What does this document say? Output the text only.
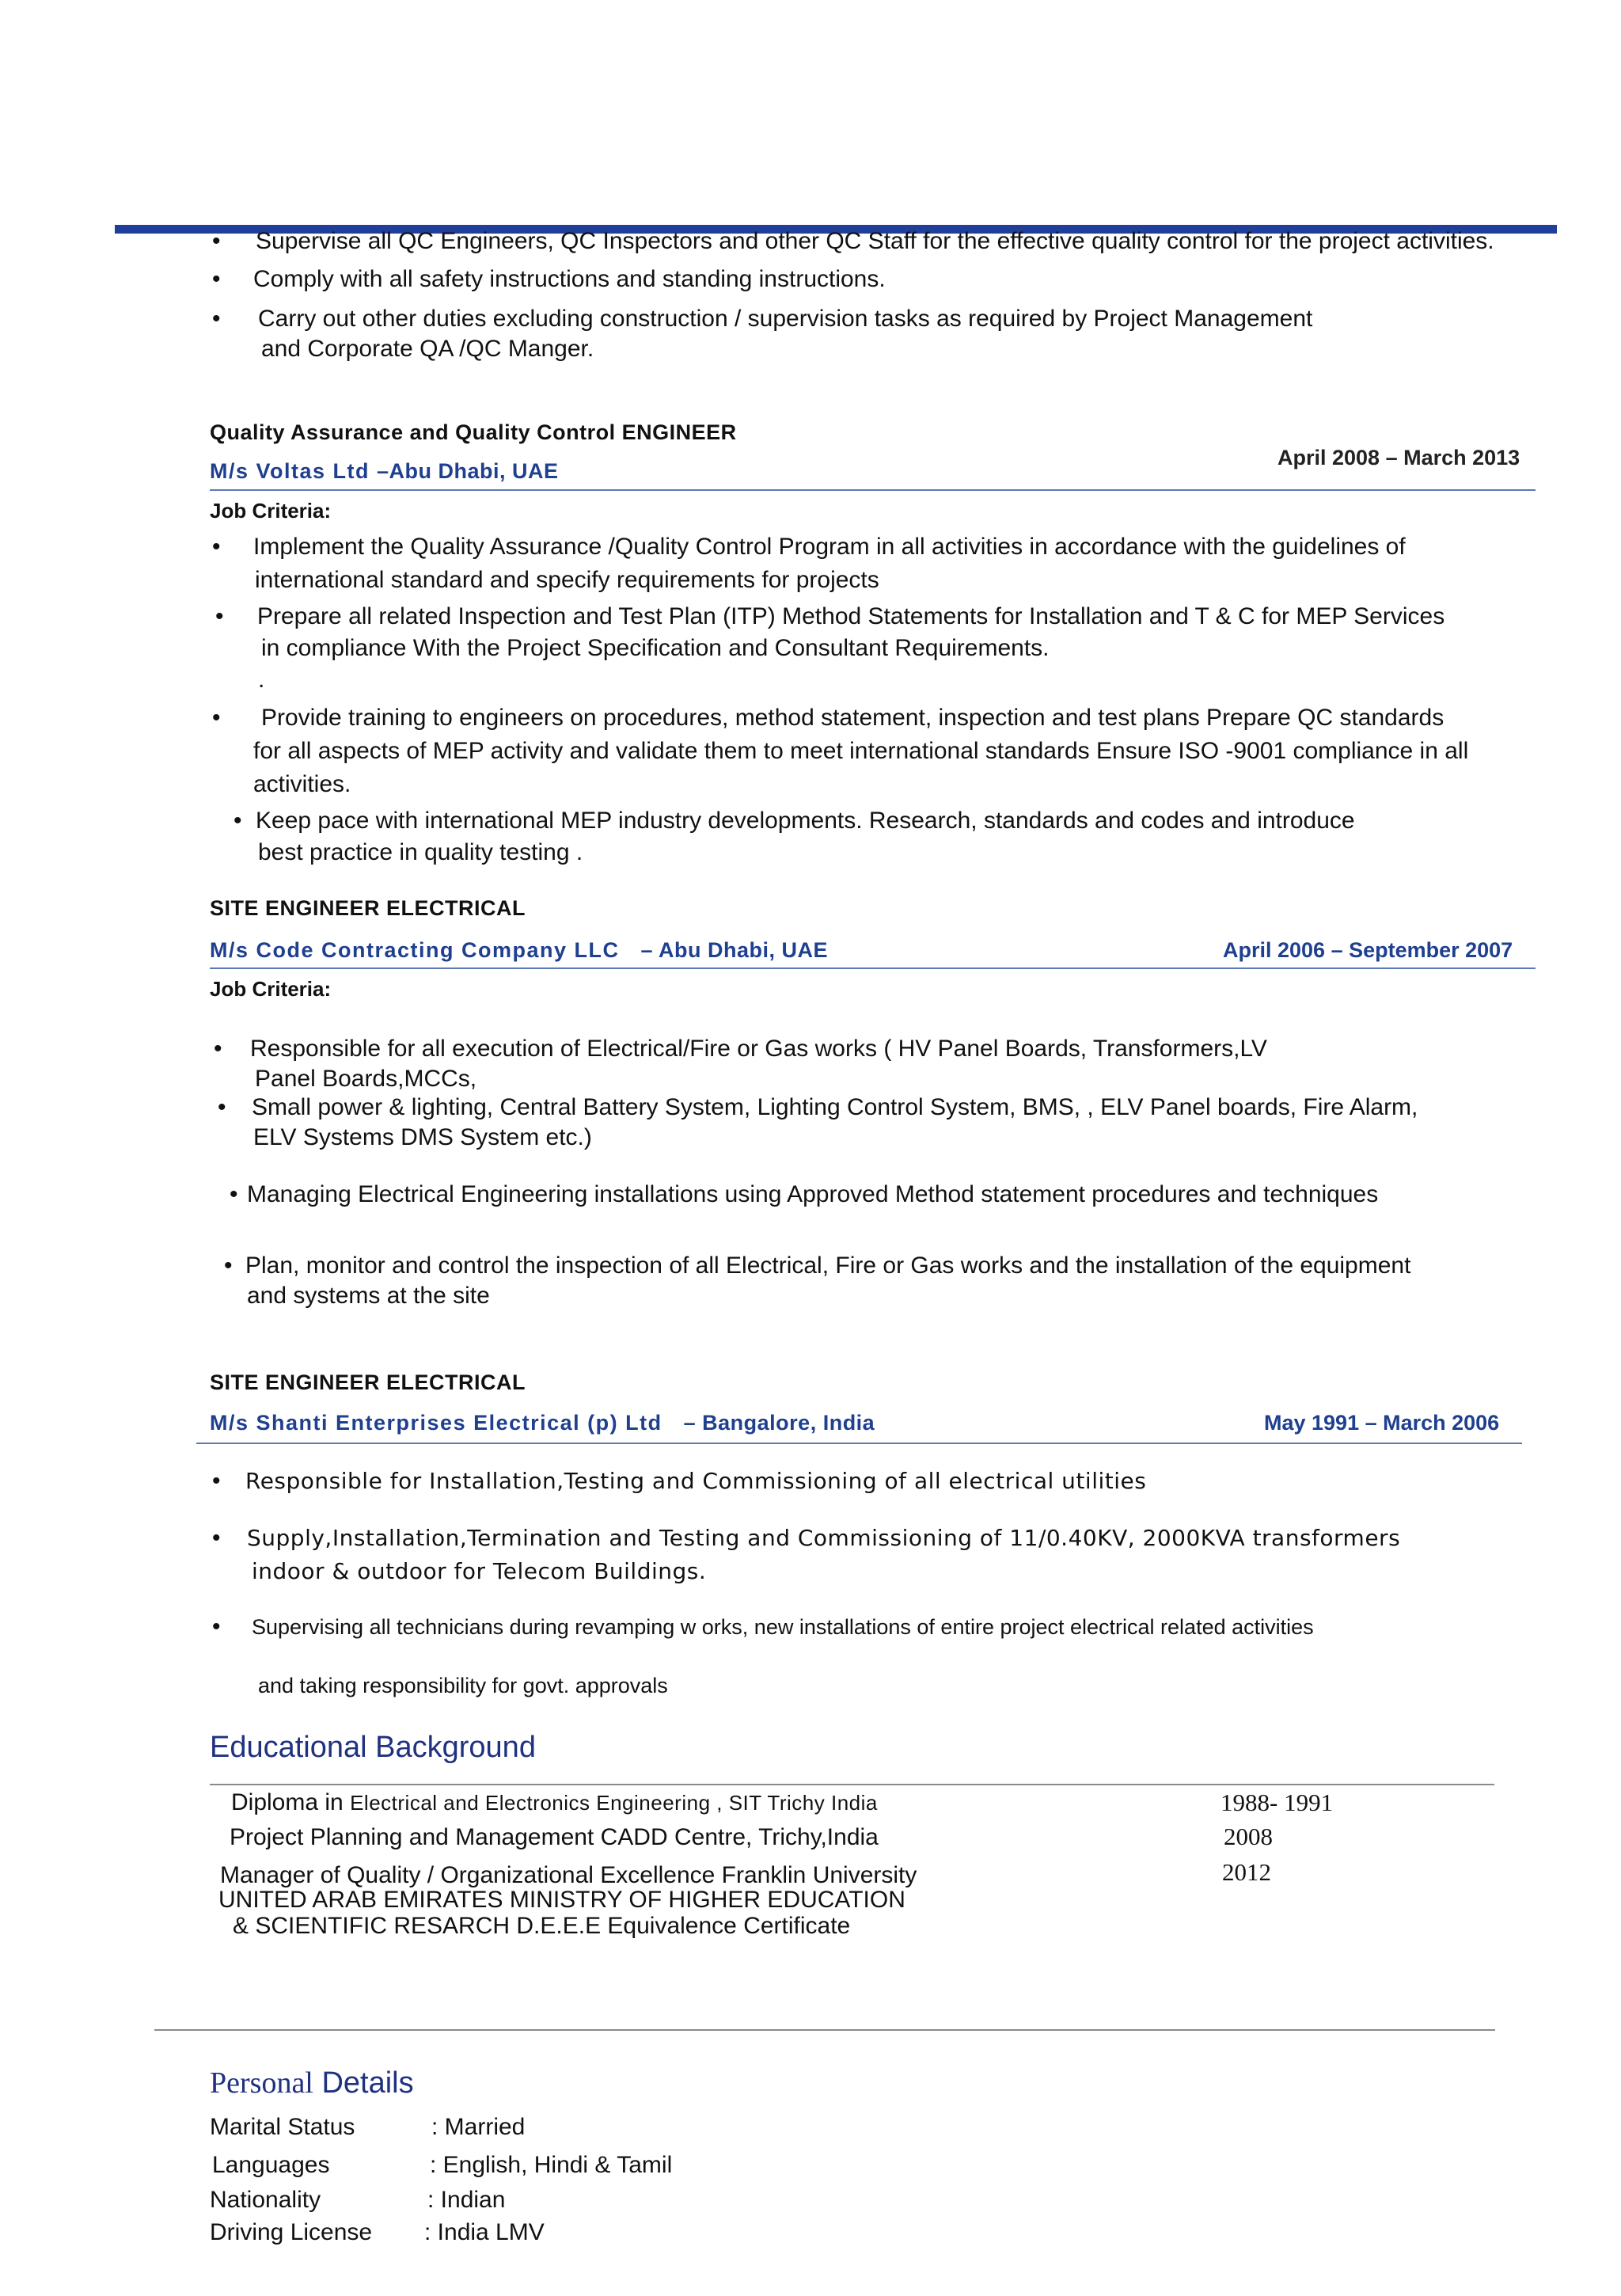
• Supervise all QC Engineers, QC Inspectors and other QC Staff for the effective quality control for the project activities.
• Comply with all safety instructions and standing instructions.
• Carry out other duties excluding construction / supervision tasks as required by Project Management
and Corporate QA /QC Manger.
Quality Assurance and Quality Control ENGINEER
M/s Voltas Ltd –Abu Dhabi, UAE
April 2008 – March 2013
Job Criteria:
• Implement the Quality Assurance /Quality Control Program in all activities in accordance with the guidelines of
international standard and specify requirements for projects
• Prepare all related Inspection and Test Plan (ITP) Method Statements for Installation and T & C for MEP Services
in compliance With the Project Specification and Consultant Requirements.
.
• Provide training to engineers on procedures, method statement, inspection and test plans Prepare QC standards
for all aspects of MEP activity and validate them to meet international standards Ensure ISO -9001 compliance in all
activities.
• Keep pace with international MEP industry developments. Research, standards and codes and introduce
best practice in quality testing .
SITE ENGINEER ELECTRICAL
M/s Code Contracting Company LLC – Abu Dhabi, UAE	April 2006 – September 2007
Job Criteria:
• Responsible for all execution of Electrical/Fire or Gas works ( HV Panel Boards, Transformers,LV
Panel Boards,MCCs,
• Small power & lighting, Central Battery System, Lighting Control System, BMS, , ELV Panel boards, Fire Alarm,
ELV Systems DMS System etc.)
• Managing Electrical Engineering installations using Approved Method statement procedures and techniques
• Plan, monitor and control the inspection of all Electrical, Fire or Gas works and the installation of the equipment
and systems at the site
SITE ENGINEER ELECTRICAL
M/s Shanti Enterprises Electrical (p) Ltd – Bangalore, India	May 1991 – March 2006
• Responsible for Installation,Testing and Commissioning of all electrical utilities
• Supply,Installation,Termination and Testing and Commissioning of 11/0.40KV, 2000KVA transformers
indoor & outdoor for Telecom Buildings.
• Supervising all technicians during revamping w orks, new installations of entire project electrical related activities
and taking responsibility for govt. approvals
Educational Background
Diploma in Electrical and Electronics Engineering , SIT Trichy India	1988- 1991
Project Planning and Management CADD Centre, Trichy,India	2008
Manager of Quality / Organizational Excellence Franklin University	2012
UNITED ARAB EMIRATES MINISTRY OF HIGHER EDUCATION
& SCIENTIFIC RESARCH D.E.E.E Equivalence Certificate
Personal Details
Marital Status	: Married
Languages	: English, Hindi & Tamil
Nationality	: Indian
Driving License : India LMV
